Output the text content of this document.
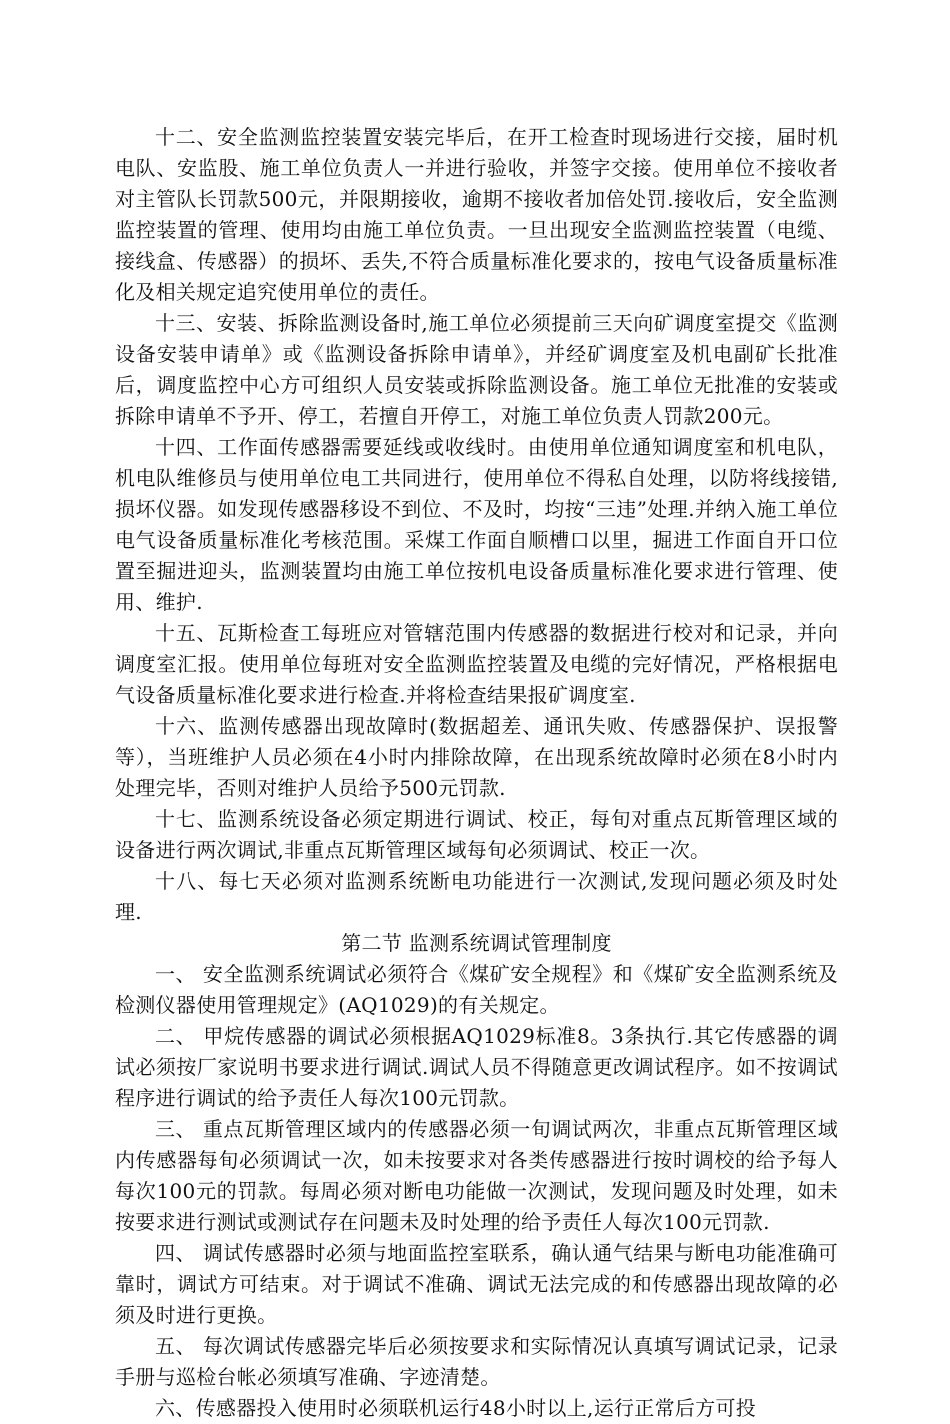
十二、安全监测监控装置安装完毕后，在开工检查时现场进行交接，届时机电队、安监股、施工单位负责人一并进行验收，并签字交接。使用单位不接收者对主管队长罚款500元，并限期接收，逾期不接收者加倍处罚.接收后，安全监测监控装置的管理、使用均由施工单位负责。一旦出现安全监测监控装置（电缆、接线盒、传感器）的损坏、丢失,不符合质量标准化要求的，按电气设备质量标准化及相关规定追究使用单位的责任。

十三、安装、拆除监测设备时,施工单位必须提前三天向矿调度室提交《监测设备安装申请单》或《监测设备拆除申请单》，并经矿调度室及机电副矿长批准后，调度监控中心方可组织人员安装或拆除监测设备。施工单位无批准的安装或拆除申请单不予开、停工，若擅自开停工，对施工单位负责人罚款200元。

十四、工作面传感器需要延线或收线时。由使用单位通知调度室和机电队，机电队维修员与使用单位电工共同进行，使用单位不得私自处理，以防将线接错,损坏仪器。如发现传感器移设不到位、不及时，均按“三违”处理.并纳入施工单位电气设备质量标准化考核范围。采煤工作面自顺槽口以里，掘进工作面自开口位置至掘进迎头，监测装置均由施工单位按机电设备质量标准化要求进行管理、使用、维护.

十五、瓦斯检查工每班应对管辖范围内传感器的数据进行校对和记录，并向调度室汇报。使用单位每班对安全监测监控装置及电缆的完好情况，严格根据电气设备质量标准化要求进行检查.并将检查结果报矿调度室.

十六、监测传感器出现故障时(数据超差、通讯失败、传感器保护、误报警等），当班维护人员必须在4小时内排除故障，在出现系统故障时必须在8小时内处理完毕，否则对维护人员给予500元罚款.

十七、监测系统设备必须定期进行调试、校正，每旬对重点瓦斯管理区域的设备进行两次调试,非重点瓦斯管理区域每旬必须调试、校正一次。

十八、每七天必须对监测系统断电功能进行一次测试,发现问题必须及时处理.

第二节 监测系统调试管理制度

一、 安全监测系统调试必须符合《煤矿安全规程》和《煤矿安全监测系统及检测仪器使用管理规定》(AQ1029)的有关规定。

二、 甲烷传感器的调试必须根据AQ1029标准8。3条执行.其它传感器的调试必须按厂家说明书要求进行调试.调试人员不得随意更改调试程序。如不按调试程序进行调试的给予责任人每次100元罚款。

三、 重点瓦斯管理区域内的传感器必须一旬调试两次，非重点瓦斯管理区域内传感器每旬必须调试一次，如未按要求对各类传感器进行按时调校的给予每人每次100元的罚款。每周必须对断电功能做一次测试，发现问题及时处理，如未按要求进行测试或测试存在问题未及时处理的给予责任人每次100元罚款.

四、 调试传感器时必须与地面监控室联系，确认通气结果与断电功能准确可靠时，调试方可结束。对于调试不准确、调试无法完成的和传感器出现故障的必须及时进行更换。

五、 每次调试传感器完毕后必须按要求和实际情况认真填写调试记录，记录手册与巡检台帐必须填写准确、字迹清楚。

六、传感器投入使用时必须联机运行48小时以上,运行正常后方可投
